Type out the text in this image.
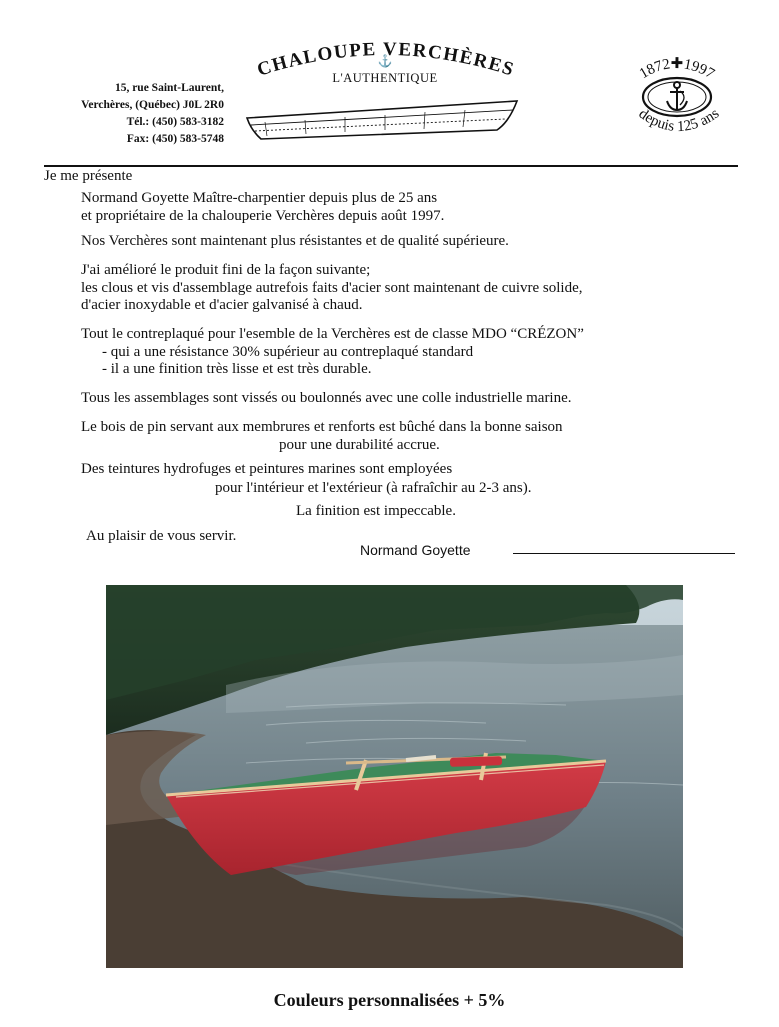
15, rue Saint-Laurent,
Verchères, (Québec) J0L 2R0
Tél.: (450) 583-3182
Fax: (450) 583-5748
CHALOUPE VERCHÈRES
⚓
L'AUTHENTIQUE	1872✚1997
depuis 125 ans
Je me présente
Normand Goyette Maître-charpentier depuis plus de 25 ans
et propriétaire de la chalouperie Verchères depuis août 1997.
Nos Verchères sont maintenant plus résistantes et de qualité supérieure.
J'ai amélioré le produit fini de la façon suivante;
les clous et vis d'assemblage autrefois faits d'acier sont maintenant de cuivre solide,
d'acier inoxydable et d'acier galvanisé à chaud.
Tout le contreplaqué pour l'esemble de la Verchères est de classe MDO “CRÉZON”
- qui a une résistance 30% supérieur au contreplaqué standard
- il a une finition très lisse et est très durable.
Tous les assemblages sont vissés ou boulonnés avec une colle industrielle marine.
Le bois de pin servant aux membrures et renforts est bûché dans la bonne saison
pour une durabilité accrue.
Des teintures hydrofuges et peintures marines sont employées
pour l'intérieur et l'extérieur (à rafraîchir au 2-3 ans).
La finition est impeccable.
Au plaisir de vous servir.
Normand Goyette
Couleurs personnalisées + 5%
